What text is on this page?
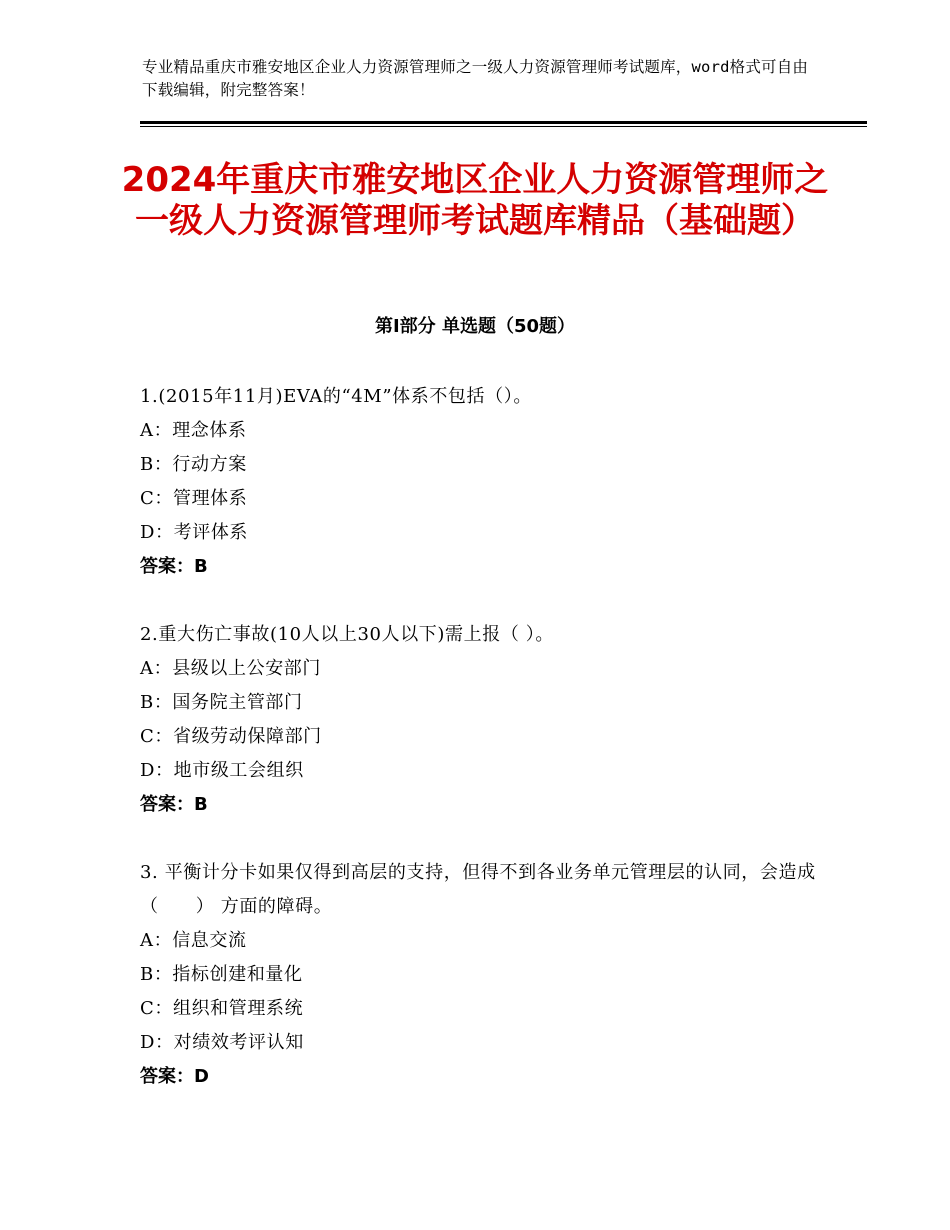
专业精品重庆市雅安地区企业人力资源管理师之一级人力资源管理师考试题库，word格式可自由下载编辑，附完整答案！
2024年重庆市雅安地区企业人力资源管理师之一级人力资源管理师考试题库精品（基础题）
第Ⅰ部分 单选题（50题）
1.(2015年11月)EVA的“4M”体系不包括（）。
A：理念体系
B：行动方案
C：管理体系
D：考评体系
答案：B
2.重大伤亡事故(10人以上30人以下)需上报（ ）。
A：县级以上公安部门
B：国务院主管部门
C：省级劳动保障部门
D：地市级工会组织
答案：B
3. 平衡计分卡如果仅得到高层的支持，但得不到各业务单元管理层的认同，会造成（　　） 方面的障碍。
A：信息交流
B：指标创建和量化
C：组织和管理系统
D：对绩效考评认知
答案：D
